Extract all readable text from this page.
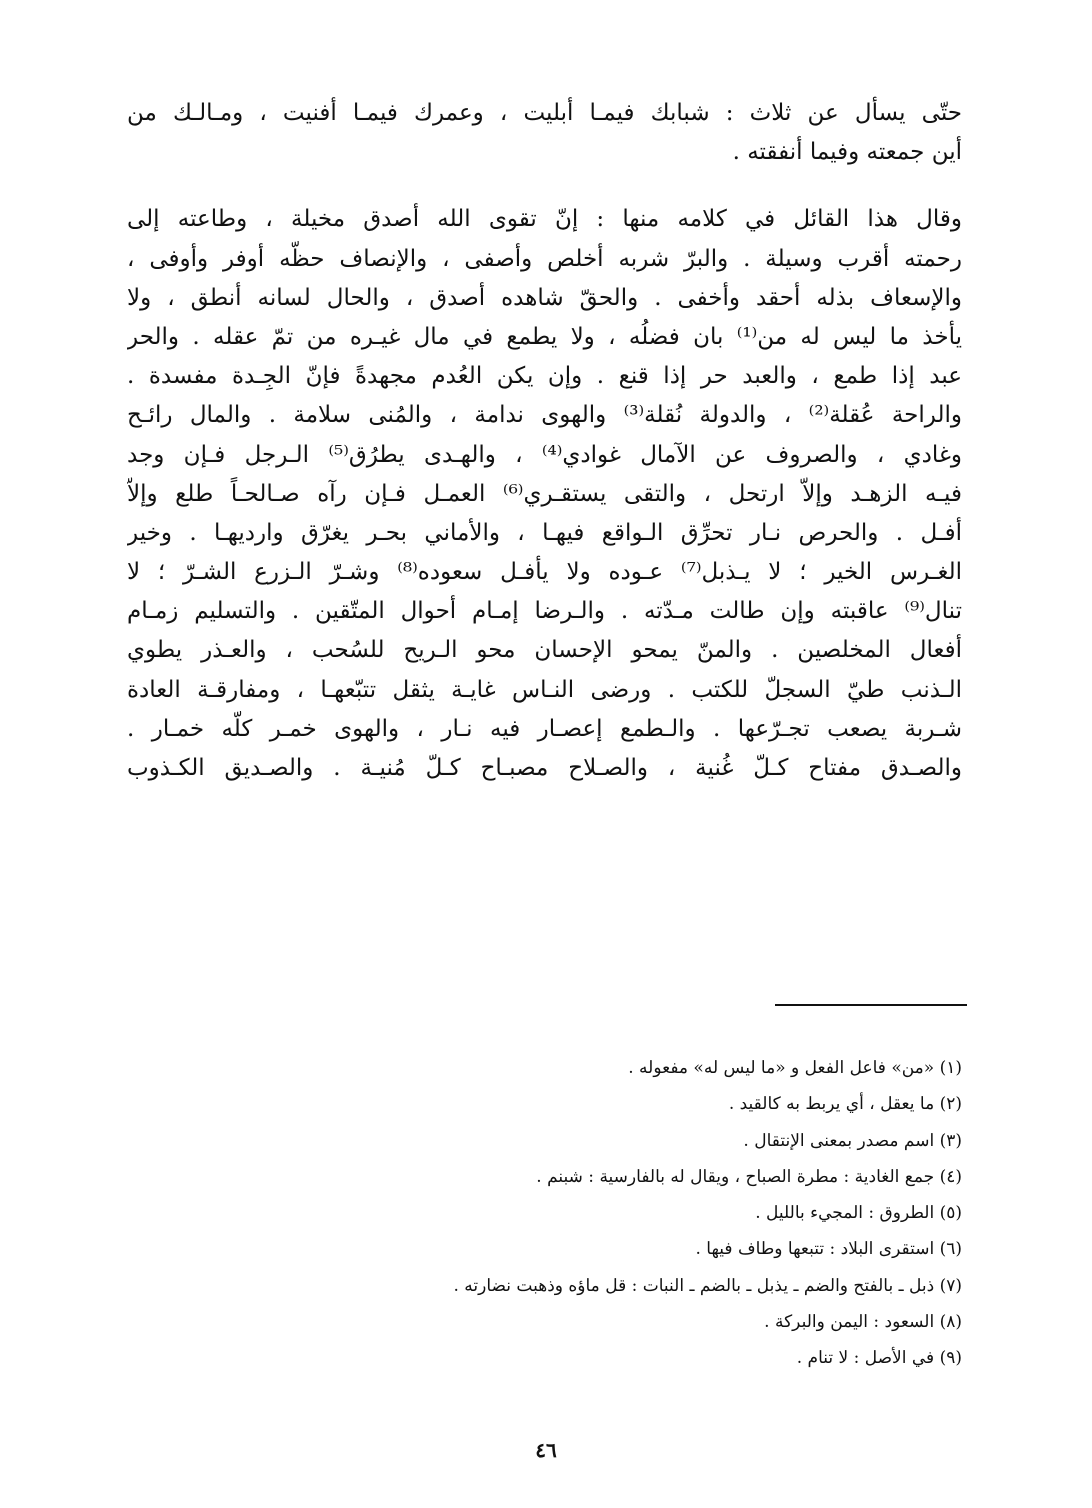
حتّى يسأل عن ثلاث : شبابك فيمـا أبليت ، وعمرك فيمـا أفنيت ، ومـالـك من
أين جمعته وفيما أنفقته .
وقال هذا القائل في كلامه منها : إنّ تقوى الله أصدق مخيلة ، وطاعته إلى
رحمته أقرب وسيلة . والبرّ شربه أخلص وأصفى ، والإنصاف حظّه أوفر وأوفى ،
والإسعاف بذله أحقد وأخفى . والحقّ شاهده أصدق ، والحال لسانه أنطق ، ولا
يأخذ ما ليس له من⁽¹⁾ بان فضلُه ، ولا يطمع في مال غيـره من تمّ عقله . والحر
عبد إذا طمع ، والعبد حر إذا قنع . وإن يكن العُدم مجهدةً فإنّ الجِـدة مفسدة .
والراحة عُقلة⁽²⁾ ، والدولة نُقلة⁽³⁾ والهوى ندامة ، والمُنى سلامة . والمال رائـح
وغادي ، والصروف عن الآمال غوادي⁽⁴⁾ ، والهـدى يطرُق⁽⁵⁾ الـرجل فـإن وجد
فيـه الزهـد وإلاّ ارتحل ، والتقى يستقـري⁽⁶⁾ العمـل فـإن رآه صـالحـاً طلع وإلاّ
أفـل . والحرص نـار تحرِّق الـواقع فيهـا ، والأماني بحـر يغرّق وارديهـا . وخير
الغـرس الخير ؛ لا يـذبل⁽⁷⁾ عـوده ولا يأفـل سعوده⁽⁸⁾ وشـرّ الـزرع الشـرّ ؛ لا
تنال⁽⁹⁾ عاقبته وإن طالت مـدّته . والـرضا إمـام أحوال المتّقين . والتسليم زمـام
أفعال المخلصين . والمنّ يمحو الإحسان محو الـريح للسُحب ، والعـذر يطوي
الـذنب طيّ السجلّ للكتب . ورضى النـاس غايـة يثقل تتبّعهـا ، ومفارقـة العادة
شـربة يصعب تجـرّعها . والـطمع إعصـار فيه نـار ، والهوى خمـر كلّه خمـار .
والصـدق مفتاح كـلّ غُنية ، والصـلاح مصبـاح كـلّ مُنيـة . والصـديق الكـذوب
(١) «من» فاعل الفعل و «ما ليس له» مفعوله .
(٢) ما يعقل ، أي يربط به كالقيد .
(٣) اسم مصدر بمعنى الإنتقال .
(٤) جمع الغادية : مطرة الصباح ، ويقال له بالفارسية : شبنم .
(٥) الطروق : المجيء بالليل .
(٦) استقرى البلاد : تتبعها وطاف فيها .
(٧) ذبل ـ بالفتح والضم ـ يذبل ـ بالضم ـ النبات : قل ماؤه وذهبت نضارته .
(٨) السعود : اليمن والبركة .
(٩) في الأصل : لا تنام .
٤٦
